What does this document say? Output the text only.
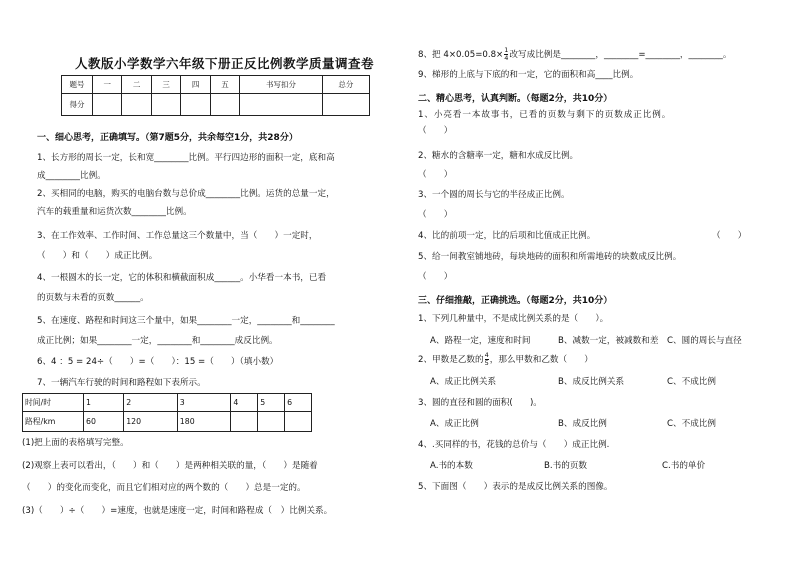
人教版小学数学六年级下册正反比例教学质量调查卷
题号	一	二	三	四	五	书写扣分	总分
得分							
一、细心思考，正确填写。（第7题5分，共余每空1分，共28分）
1、长方形的周长一定，长和宽________比例。平行四边形的面积一定，底和高
成________比例。
2、买相同的电脑，购买的电脑台数与总价成________比例。运货的总量一定，
汽车的载重量和运货次数________比例。
3、在工作效率、工作时间、工作总量这三个数量中，当（　　）一定时，
（　　）和（　　）成正比例。
4、一根圆木的长一定，它的体积和横截面积成______。小华看一本书，已看
的页数与未看的页数______。
5、在速度、路程和时间这三个量中，如果________一定，________和________
成正比例；如果________一定，________和________成反比例。
6、4 ：5 = 24÷（　　）=（　　）：15 =（　　）（填小数）
7、一辆汽车行驶的时间和路程如下表所示。
时间/时	1	2	3	4	5	6
路程/km	60	120	180			
(1)把上面的表格填写完整。
(2)观察上表可以看出，（　　）和（　　）是两种相关联的量，（　　）是随着
（　　）的变化而变化，而且它们相对应的两个数的（　　）总是一定的。
(3)（　　）÷（　　）=速度，也就是速度一定，时间和路程成（　）比例关系。
8、把 $4\times 0.05=0.8\times \frac{1}{4}$ 改写成比例是________，________=________，________。
9、梯形的上底与下底的和一定，它的面积和高____比例。
二、精心思考，认真判断。（每题2分，共10分）
1、小亮看一本故事书，已看的页数与剩下的页数成正比例。
（　　）
2、糖水的含糖率一定，糖和水成反比例。
（　　）
3、一个圆的周长与它的半径成正比例。
（　　）
4、比的前项一定，比的后项和比值成正比例。	（　　）
5、给一间教室铺地砖，每块地砖的面积和所需地砖的块数成反比例。
（　　）
三、仔细推敲，正确挑选。（每题2分，共10分）
1、下列几种量中，不是成比例关系的是（　　）。
A、路程一定，速度和时间	B、减数一定，被减数和差 C、圆的周长与直径
2、甲数是乙数的 $\frac{4}{5}$ ，那么甲数和乙数（　　）
A、成正比例关系	B、成反比例关系	C、不成比例
3、圆的直径和圆的面积(　　)。
A、成正比例	B、成反比例	C、不成比例
4、.买同样的书，花钱的总价与（　　）成正比例.
A.书的本数	B.书的页数	C.书的单价
5、下面图（　　）表示的是成反比例关系的图像。
